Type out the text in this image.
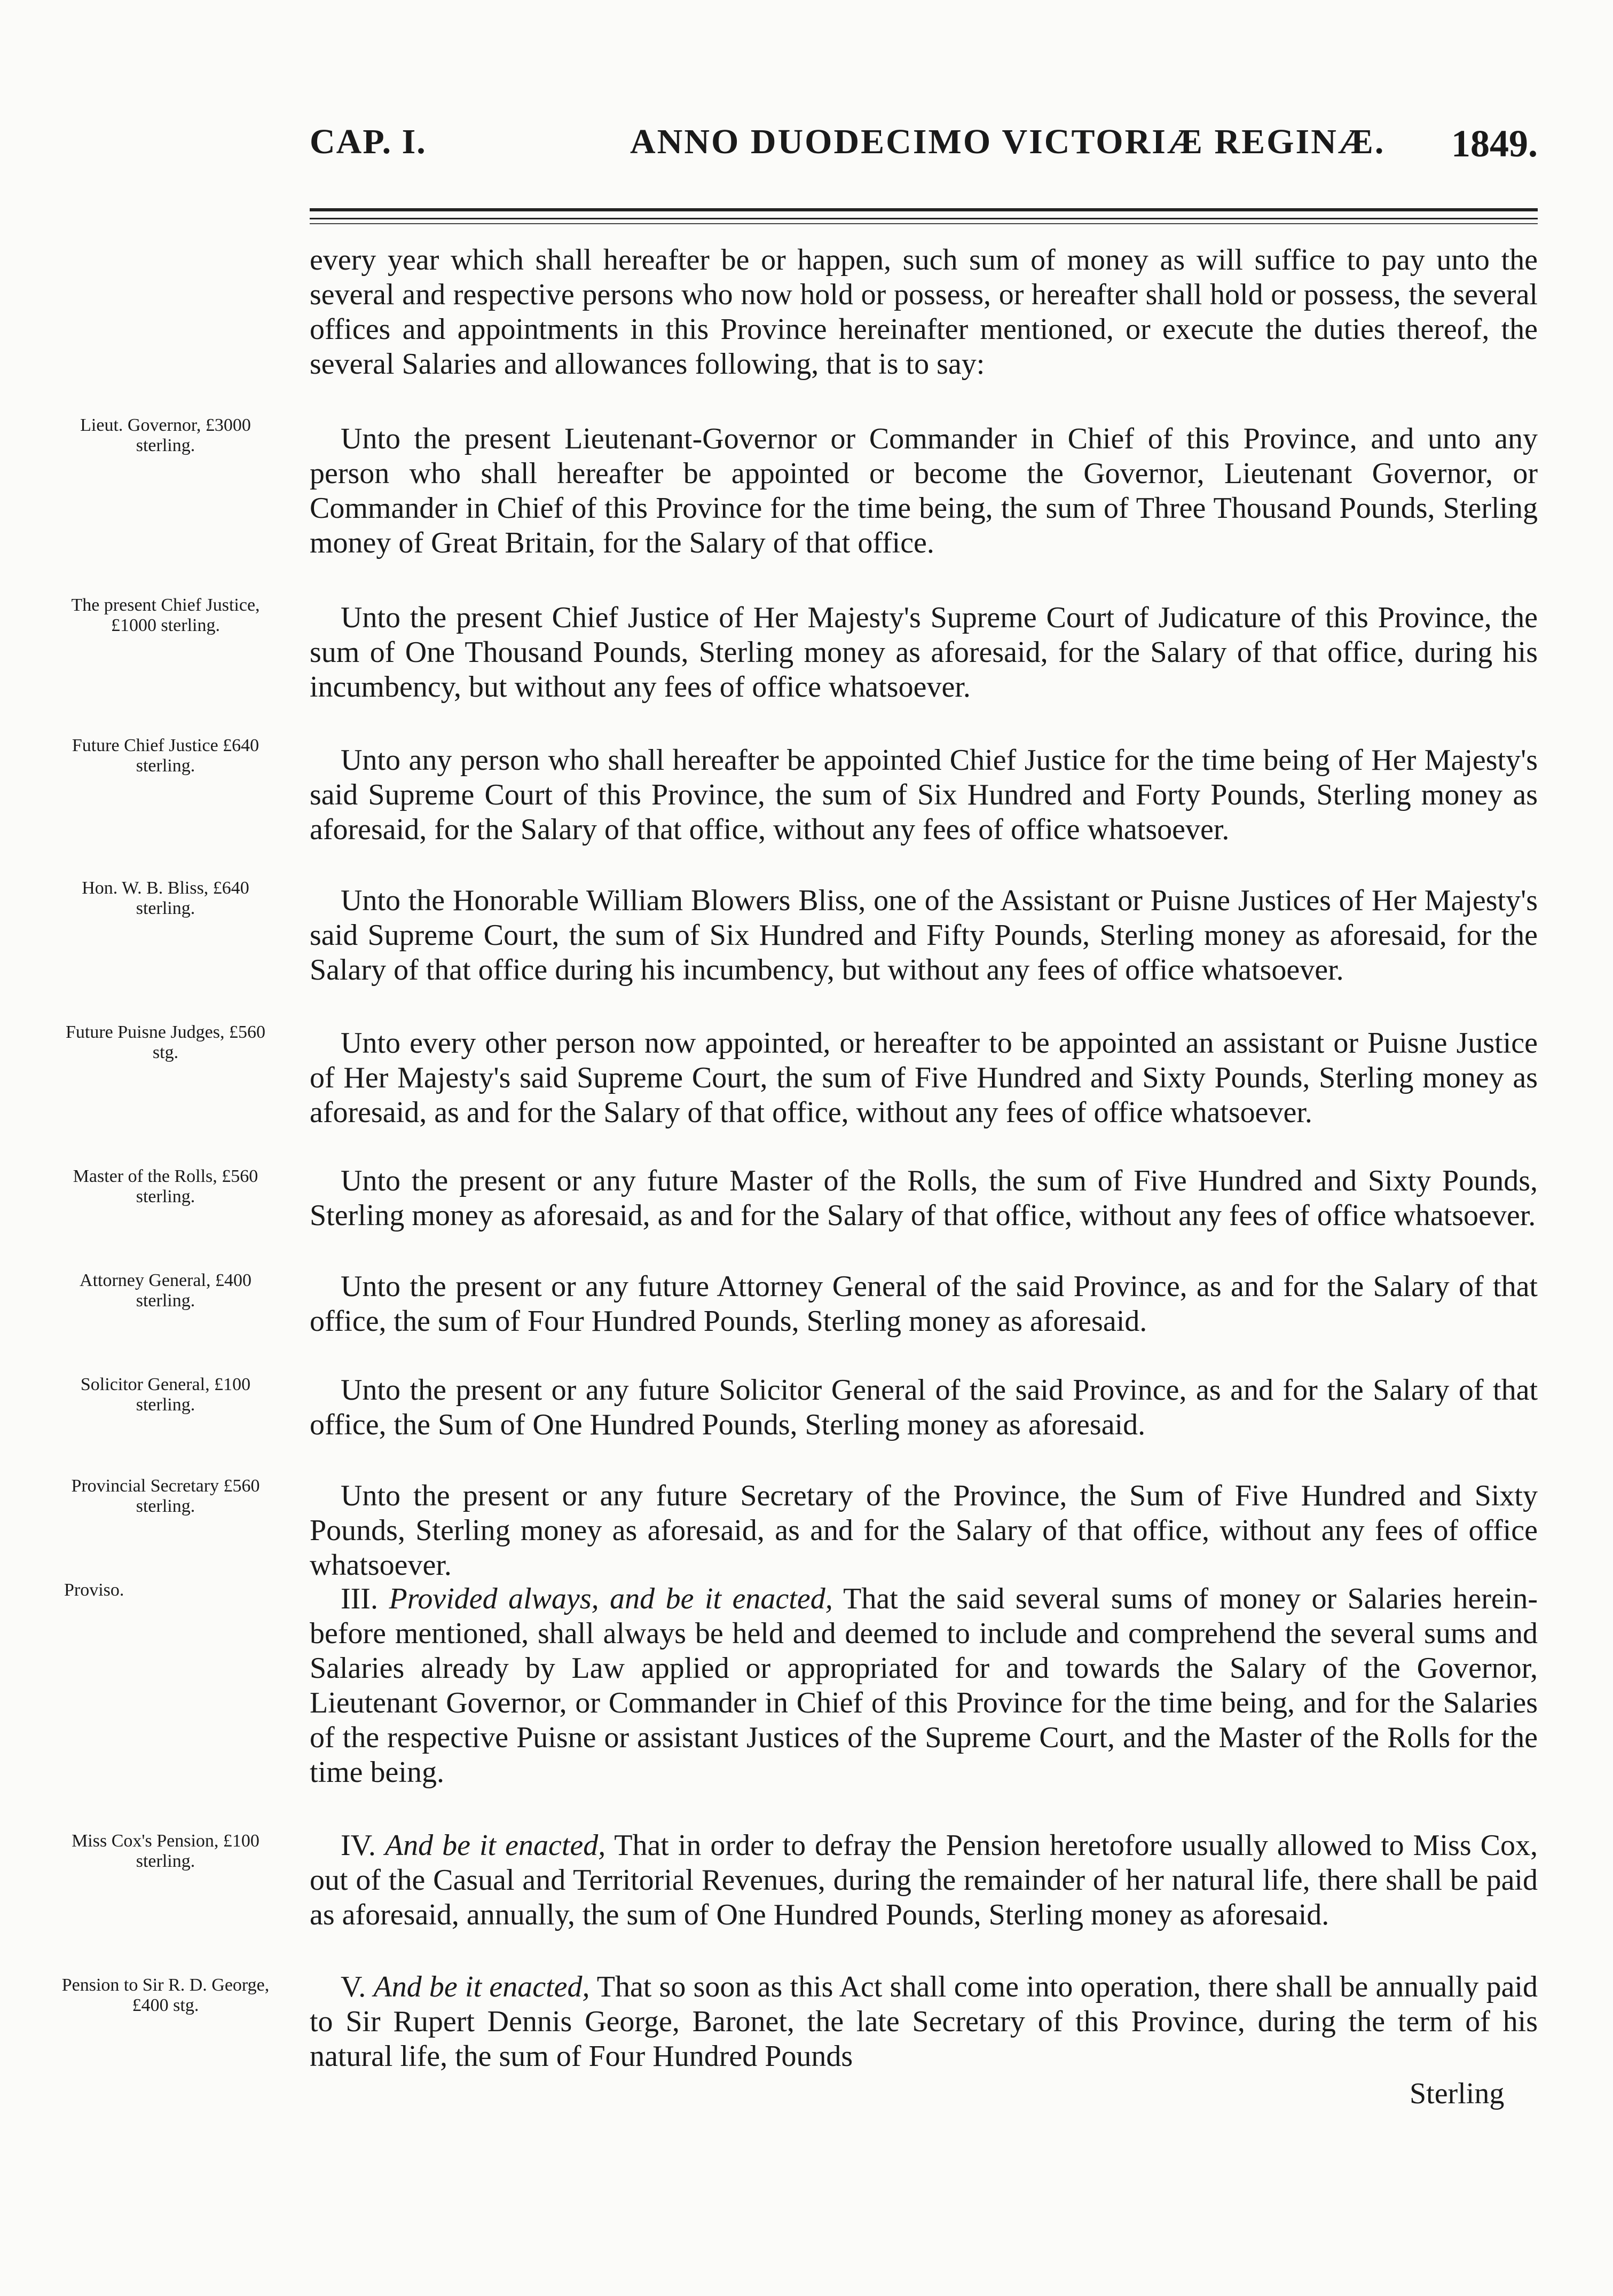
CAP. I.	ANNO DUODECIMO VICTORIÆ REGINÆ. 1849.
Lieut. Governor, £3000 sterling.
The present Chief Justice, £1000 sterling.
Future Chief Justice £640 sterling.
Hon. W. B. Bliss, £640 sterling.
Future Puisne Judges, £560 stg.
Master of the Rolls, £560 sterling.
Attorney General, £400 sterling.
Solicitor General, £100 sterling.
Provincial Secretary £560 sterling.
Proviso.
Miss Cox's Pension, £100 sterling.
Pension to Sir R. D. George, £400 stg.

every year which shall hereafter be or happen, such sum of money as will suffice to pay unto the several and respective persons who now hold or possess, or hereafter shall hold or possess, the several offices and appointments in this Province hereinafter mentioned, or execute the duties thereof, the several Salaries and allowances following, that is to say:

Unto the present Lieutenant-Governor or Commander in Chief of this Province, and unto any person who shall hereafter be appointed or become the Governor, Lieutenant Governor, or Commander in Chief of this Province for the time being, the sum of Three Thousand Pounds, Sterling money of Great Britain, for the Salary of that office.

Unto the present Chief Justice of Her Majesty's Supreme Court of Judicature of this Province, the sum of One Thousand Pounds, Sterling money as aforesaid, for the Salary of that office, during his incumbency, but without any fees of office whatsoever.

Unto any person who shall hereafter be appointed Chief Justice for the time being of Her Majesty's said Supreme Court of this Province, the sum of Six Hundred and Forty Pounds, Sterling money as aforesaid, for the Salary of that office, without any fees of office whatsoever.

Unto the Honorable William Blowers Bliss, one of the Assistant or Puisne Justices of Her Majesty's said Supreme Court, the sum of Six Hundred and Fifty Pounds, Sterling money as aforesaid, for the Salary of that office during his incumbency, but without any fees of office whatsoever.

Unto every other person now appointed, or hereafter to be appointed an assistant or Puisne Justice of Her Majesty's said Supreme Court, the sum of Five Hundred and Sixty Pounds, Sterling money as aforesaid, as and for the Salary of that office, without any fees of office whatsoever.

Unto the present or any future Master of the Rolls, the sum of Five Hundred and Sixty Pounds, Sterling money as aforesaid, as and for the Salary of that office, without any fees of office whatsoever.

Unto the present or any future Attorney General of the said Province, as and for the Salary of that office, the sum of Four Hundred Pounds, Sterling money as aforesaid.

Unto the present or any future Solicitor General of the said Province, as and for the Salary of that office, the Sum of One Hundred Pounds, Sterling money as aforesaid.

Unto the present or any future Secretary of the Province, the Sum of Five Hundred and Sixty Pounds, Sterling money as aforesaid, as and for the Salary of that office, without any fees of office whatsoever.

III. Provided always, and be it enacted, That the said several sums of money or Salaries herein-before mentioned, shall always be held and deemed to include and comprehend the several sums and Salaries already by Law applied or appropriated for and towards the Salary of the Governor, Lieutenant Governor, or Commander in Chief of this Province for the time being, and for the Salaries of the respective Puisne or assistant Justices of the Supreme Court, and the Master of the Rolls for the time being.

IV. And be it enacted, That in order to defray the Pension heretofore usually allowed to Miss Cox, out of the Casual and Territorial Revenues, during the remainder of her natural life, there shall be paid as aforesaid, annually, the sum of One Hundred Pounds, Sterling money as aforesaid.

V. And be it enacted, That so soon as this Act shall come into operation, there shall be annually paid to Sir Rupert Dennis George, Baronet, the late Secretary of this Province, during the term of his natural life, the sum of Four Hundred Pounds

Sterling
